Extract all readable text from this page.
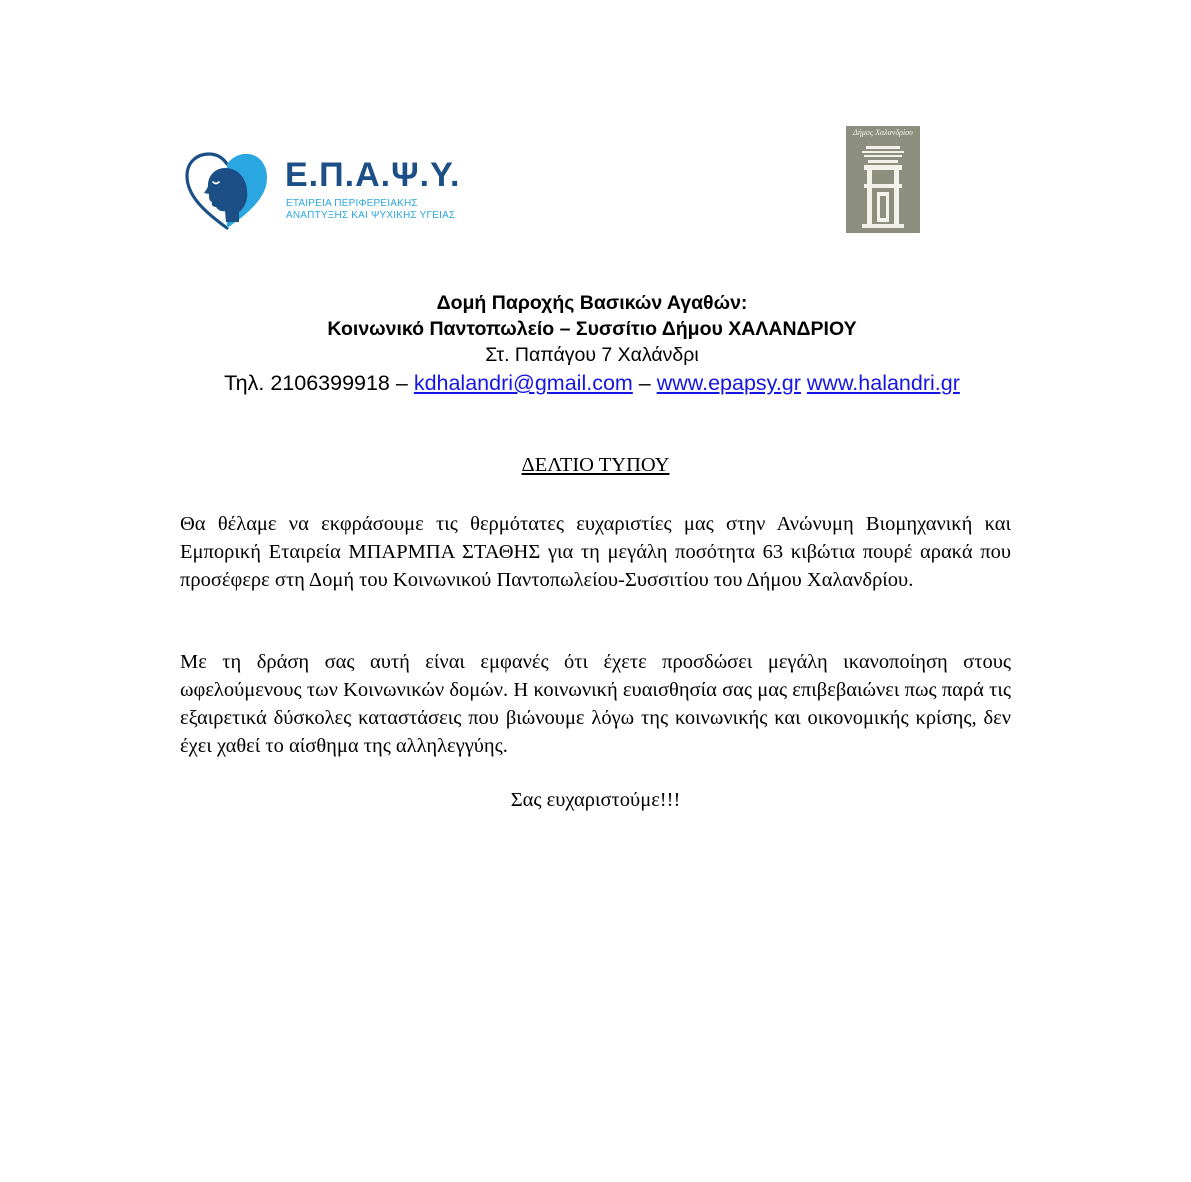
Ε.Π.Α.Ψ.Υ.
ΕΤΑΙΡΕΙΑ ΠΕΡΙΦΕΡΕΙΑΚΗΣ
ΑΝΑΠΤΥΞΗΣ ΚΑΙ ΨΥΧΙΚΗΣ ΥΓΕΙΑΣ
Δήμος Χαλανδρίου
Δομή Παροχής Βασικών Αγαθών:
Κοινωνικό Παντοπωλείο – Συσσίτιο Δήμου ΧΑΛΑΝΔΡΙΟΥ
Στ. Παπάγου 7 Χαλάνδρι
Τηλ. 2106399918 – kdhalandri@gmail.com – www.epapsy.gr www.halandri.gr
ΔΕΛΤΙΟ ΤΥΠΟΥ

Θα θέλαμε να εκφράσουμε τις θερμότατες ευχαριστίες μας στην Ανώνυμη Βιομηχανική και Εμπορική Εταιρεία ΜΠΑΡΜΠΑ ΣΤΑΘΗΣ για τη μεγάλη ποσότητα 63 κιβώτια πουρέ αρακά που προσέφερε στη Δομή του Κοινωνικού Παντοπωλείου-Συσσιτίου του Δήμου Χαλανδρίου.

Με τη δράση σας αυτή είναι εμφανές ότι έχετε προσδώσει μεγάλη ικανοποίηση στους ωφελούμενους των Κοινωνικών δομών. Η κοινωνική ευαισθησία σας μας επιβεβαιώνει πως παρά τις εξαιρετικά δύσκολες καταστάσεις που βιώνουμε λόγω της κοινωνικής και οικονομικής κρίσης, δεν έχει χαθεί το αίσθημα της αλληλεγγύης.

Σας ευχαριστούμε!!!
